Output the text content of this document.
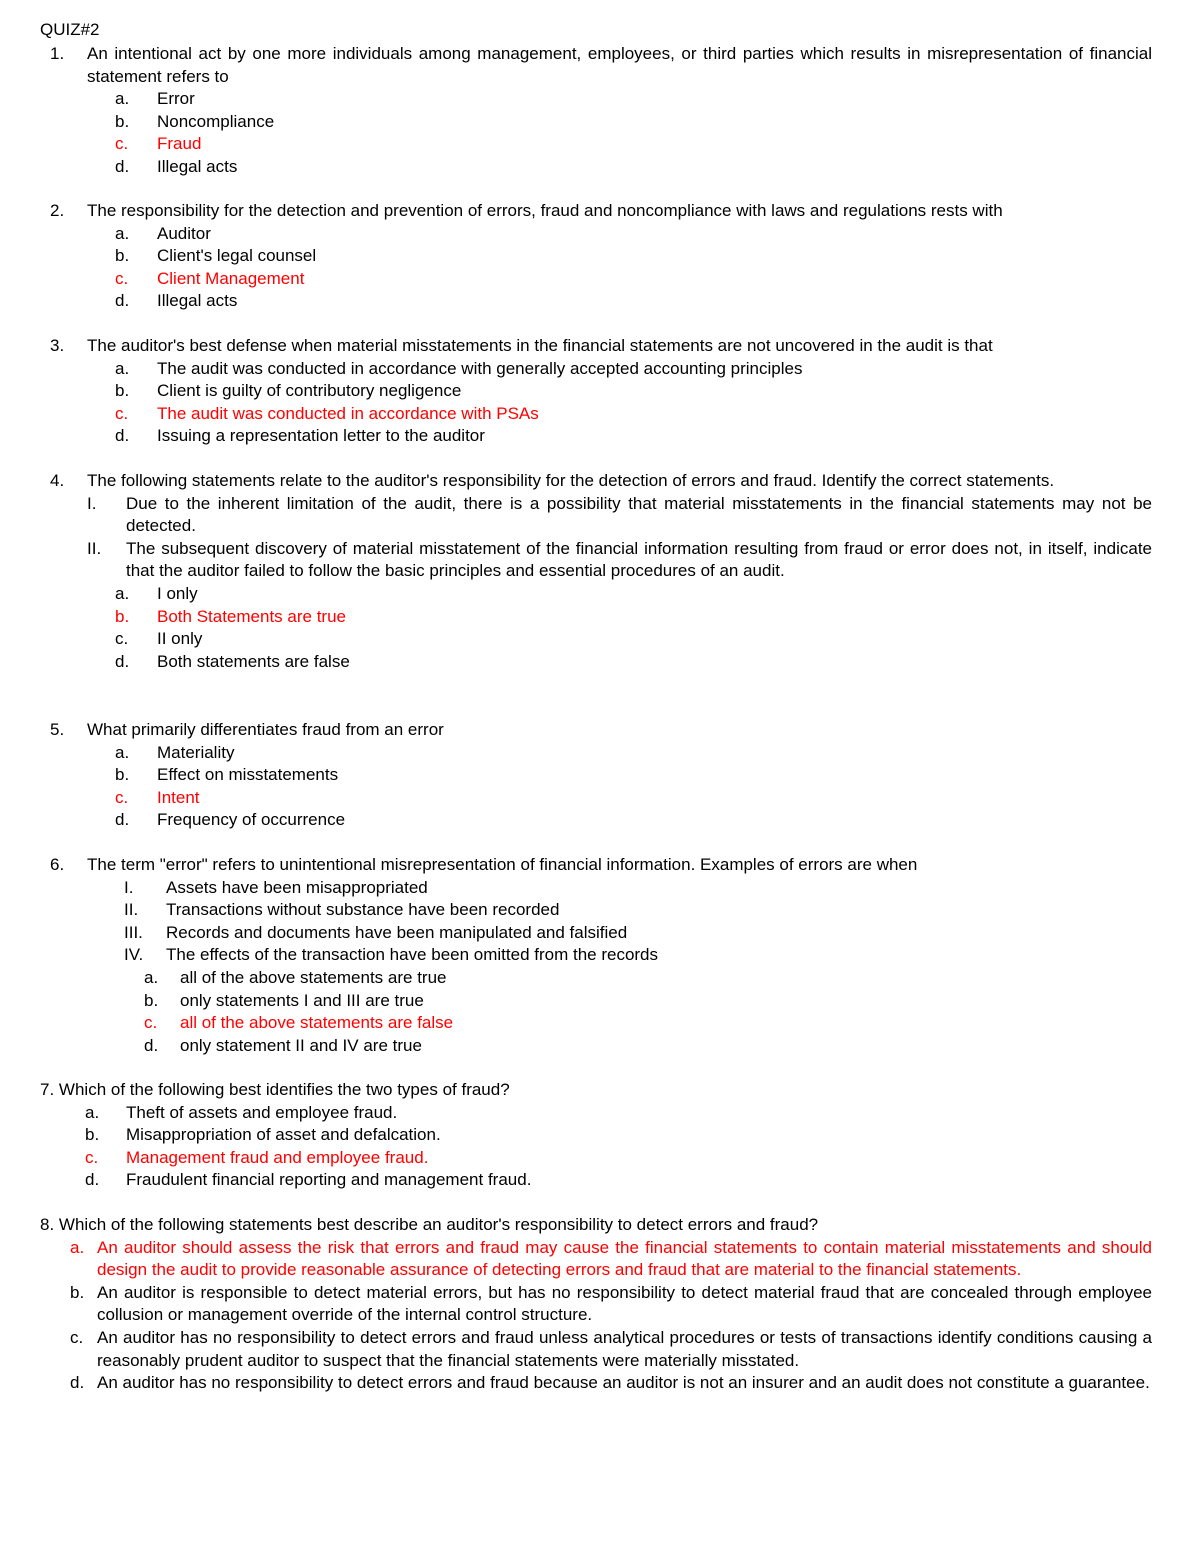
QUIZ#2
1. An intentional act by one more individuals among management, employees, or third parties which results in misrepresentation of financial statement refers to
a. Error
b. Noncompliance
c. Fraud
d. Illegal acts
2. The responsibility for the detection and prevention of errors, fraud and noncompliance with laws and regulations rests with
a. Auditor
b. Client's legal counsel
c. Client Management
d. Illegal acts
3. The auditor's best defense when material misstatements in the financial statements are not uncovered in the audit is that
a. The audit was conducted in accordance with generally accepted accounting principles
b. Client is guilty of contributory negligence
c. The audit was conducted in accordance with PSAs
d. Issuing a representation letter to the auditor
4. The following statements relate to the auditor's responsibility for the detection of errors and fraud. Identify the correct statements.
I. Due to the inherent limitation of the audit, there is a possibility that material misstatements in the financial statements may not be detected.
II. The subsequent discovery of material misstatement of the financial information resulting from fraud or error does not, in itself, indicate that the auditor failed to follow the basic principles and essential procedures of an audit.
a. I only
b. Both Statements are true
c. II only
d. Both statements are false
5. What primarily differentiates fraud from an error
a. Materiality
b. Effect on misstatements
c. Intent
d. Frequency of occurrence
6. The term "error" refers to unintentional misrepresentation of financial information. Examples of errors are when
I. Assets have been misappropriated
II. Transactions without substance have been recorded
III. Records and documents have been manipulated and falsified
IV. The effects of the transaction have been omitted from the records
a. all of the above statements are true
b. only statements I and III are true
c. all of the above statements are false
d. only statement II and IV are true
7. Which of the following best identifies the two types of fraud?
a. Theft of assets and employee fraud.
b. Misappropriation of asset and defalcation.
c. Management fraud and employee fraud.
d. Fraudulent financial reporting and management fraud.
8. Which of the following statements best describe an auditor's responsibility to detect errors and fraud?
a. An auditor should assess the risk that errors and fraud may cause the financial statements to contain material misstatements and should design the audit to provide reasonable assurance of detecting errors and fraud that are material to the financial statements.
b. An auditor is responsible to detect material errors, but has no responsibility to detect material fraud that are concealed through employee collusion or management override of the internal control structure.
c. An auditor has no responsibility to detect errors and fraud unless analytical procedures or tests of transactions identify conditions causing a reasonably prudent auditor to suspect that the financial statements were materially misstated.
d. An auditor has no responsibility to detect errors and fraud because an auditor is not an insurer and an audit does not constitute a guarantee.
